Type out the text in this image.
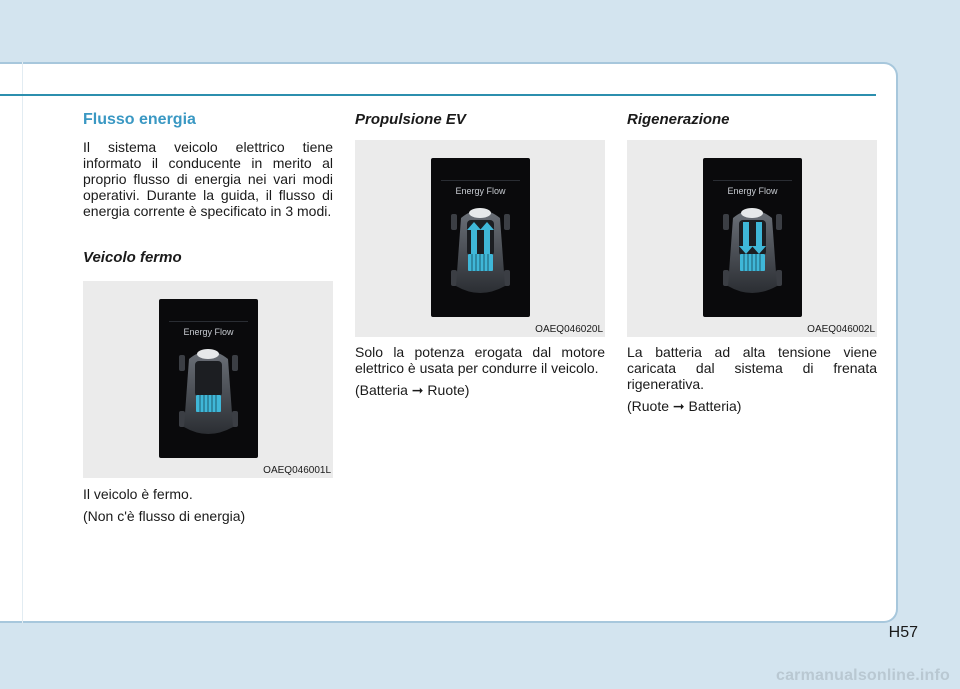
Flusso energia

Il sistema veicolo elettrico tiene informato il conducente in merito al proprio flusso di energia nei vari modi operativi. Durante la guida, il flusso di energia corrente è specificato in 3 modi.

Veicolo fermo
Energy Flow
OAEQ046001L

Il veicolo è fermo.

(Non c'è flusso di energia)

Propulsione EV
Energy Flow
OAEQ046020L

Solo la potenza erogata dal motore elettrico è usata per condurre il veicolo.

(Batteria ➞ Ruote)

Rigenerazione
Energy Flow
OAEQ046002L

La batteria ad alta tensione viene caricata dal sistema di frenata rigenerativa.

(Ruote ➞ Batteria)

H57
carmanualsonline.info
